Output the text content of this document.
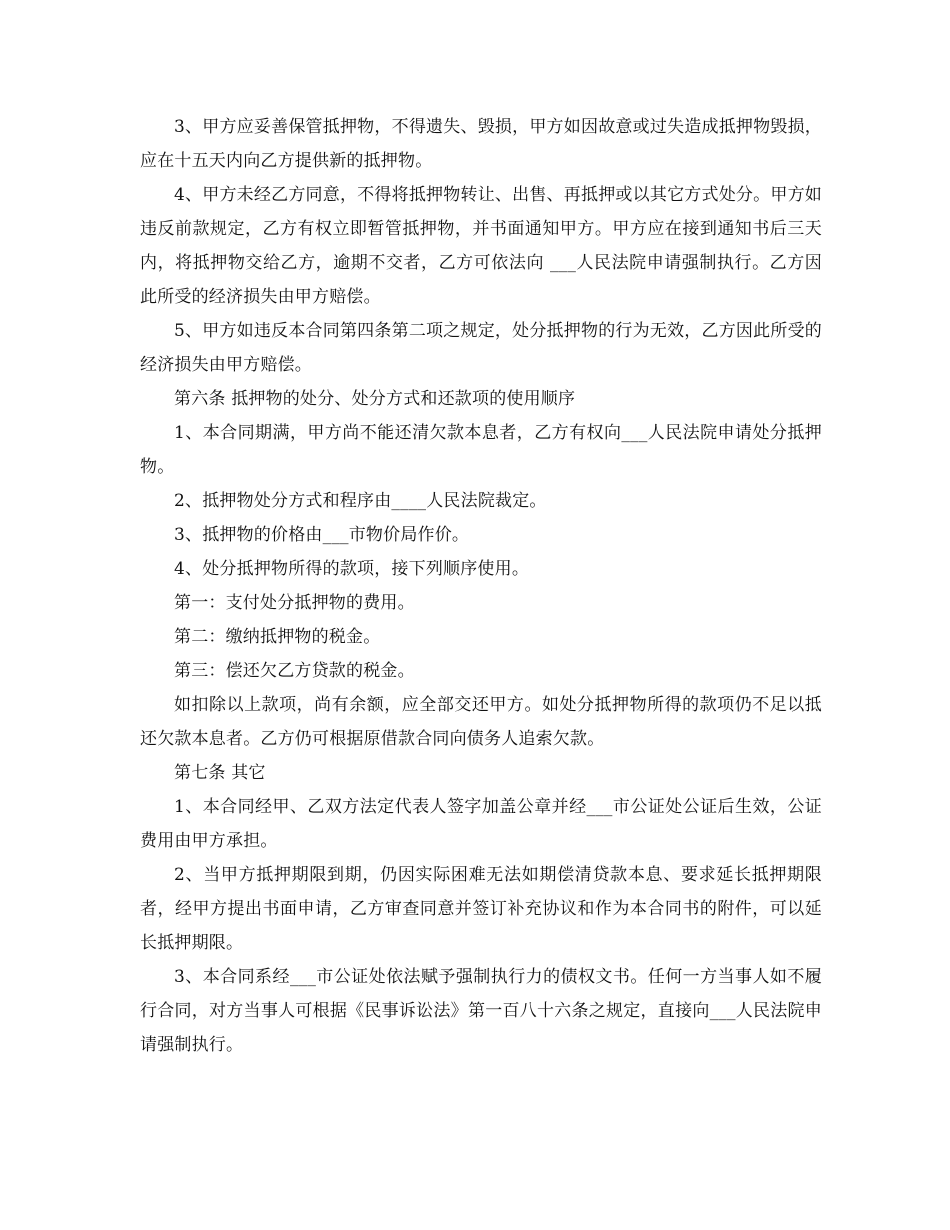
3、甲方应妥善保管抵押物，不得遗失、毁损，甲方如因故意或过失造成抵押物毁损，应在十五天内向乙方提供新的抵押物。

4、甲方未经乙方同意，不得将抵押物转让、出售、再抵押或以其它方式处分。甲方如违反前款规定，乙方有权立即暂管抵押物，并书面通知甲方。甲方应在接到通知书后三天内，将抵押物交给乙方，逾期不交者，乙方可依法向 ___人民法院申请强制执行。乙方因此所受的经济损失由甲方赔偿。

5、甲方如违反本合同第四条第二项之规定，处分抵押物的行为无效，乙方因此所受的经济损失由甲方赔偿。

第六条 抵押物的处分、处分方式和还款项的使用顺序

1、本合同期满，甲方尚不能还清欠款本息者，乙方有权向___人民法院申请处分抵押物。

2、抵押物处分方式和程序由____人民法院裁定。

3、抵押物的价格由___市物价局作价。

4、处分抵押物所得的款项，接下列顺序使用。

第一：支付处分抵押物的费用。

第二：缴纳抵押物的税金。

第三：偿还欠乙方贷款的税金。

如扣除以上款项，尚有余额，应全部交还甲方。如处分抵押物所得的款项仍不足以抵还欠款本息者。乙方仍可根据原借款合同向债务人追索欠款。

第七条 其它

1、本合同经甲、乙双方法定代表人签字加盖公章并经___市公证处公证后生效，公证费用由甲方承担。

2、当甲方抵押期限到期，仍因实际困难无法如期偿清贷款本息、要求延长抵押期限者，经甲方提出书面申请，乙方审查同意并签订补充协议和作为本合同书的附件，可以延长抵押期限。

3、本合同系经___市公证处依法赋予强制执行力的债权文书。任何一方当事人如不履行合同，对方当事人可根据《民事诉讼法》第一百八十六条之规定，直接向___人民法院申请强制执行。
